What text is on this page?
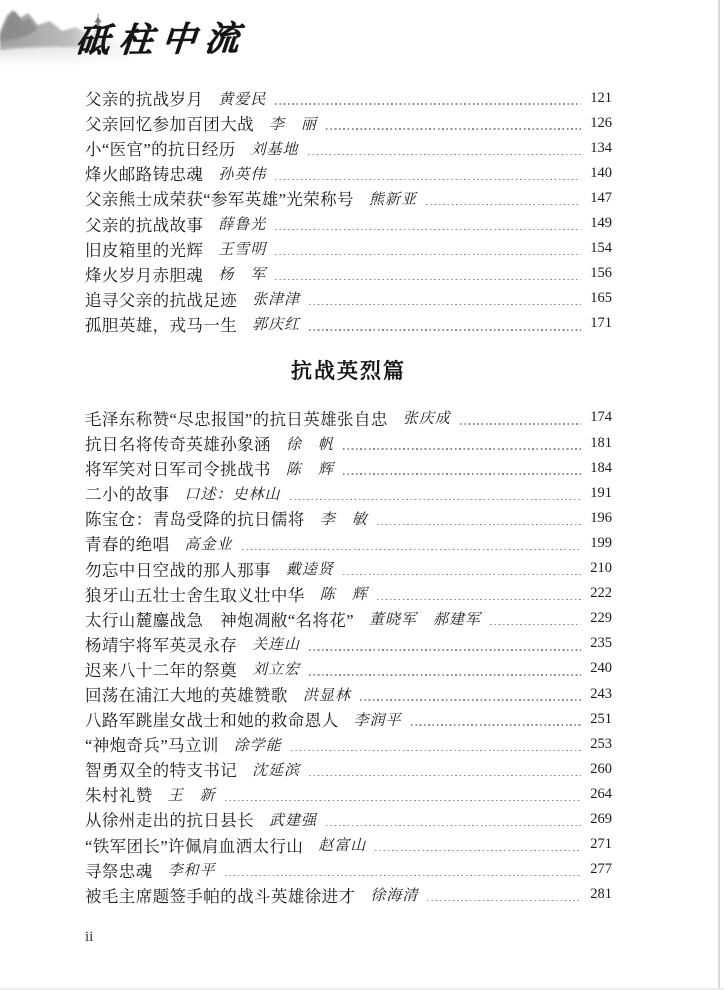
砥柱中流
父亲的抗战岁月 黄爱民	121
父亲回忆参加百团大战 李　丽	126
小“医官”的抗日经历 刘基地	134
烽火邮路铸忠魂 孙英伟	140
父亲熊士成荣获“参军英雄”光荣称号 熊新亚	147
父亲的抗战故事 薛鲁光	149
旧皮箱里的光辉 王雪明	154
烽火岁月赤胆魂 杨　军	156
追寻父亲的抗战足迹 张津津	165
孤胆英雄，戎马一生 郭庆红	171
抗战英烈篇
毛泽东称赞“尽忠报国”的抗日英雄张自忠 张庆成	174
抗日名将传奇英雄孙象涵 徐　帆	181
将军笑对日军司令挑战书 陈　辉	184
二小的故事 口述：史林山	191
陈宝仓：青岛受降的抗日儒将 李　敏	196
青春的绝唱 高金业	199
勿忘中日空战的那人那事 戴逵贤	210
狼牙山五壮士舍生取义壮中华 陈　辉	222
太行山麓鏖战急　神炮凋敝“名将花” 董晓军　郝建军	229
杨靖宇将军英灵永存 关连山	235
迟来八十二年的祭奠 刘立宏	240
回荡在浦江大地的英雄赞歌 洪显林	243
八路军跳崖女战士和她的救命恩人 李润平	251
“神炮奇兵”马立训 涂学能	253
智勇双全的特支书记 沈延滨	260
朱村礼赞 王　新	264
从徐州走出的抗日县长 武建强	269
“铁军团长”许佩肩血洒太行山 赵富山	271
寻祭忠魂 李和平	277
被毛主席题签手帕的战斗英雄徐进才 徐海清	281
ii
